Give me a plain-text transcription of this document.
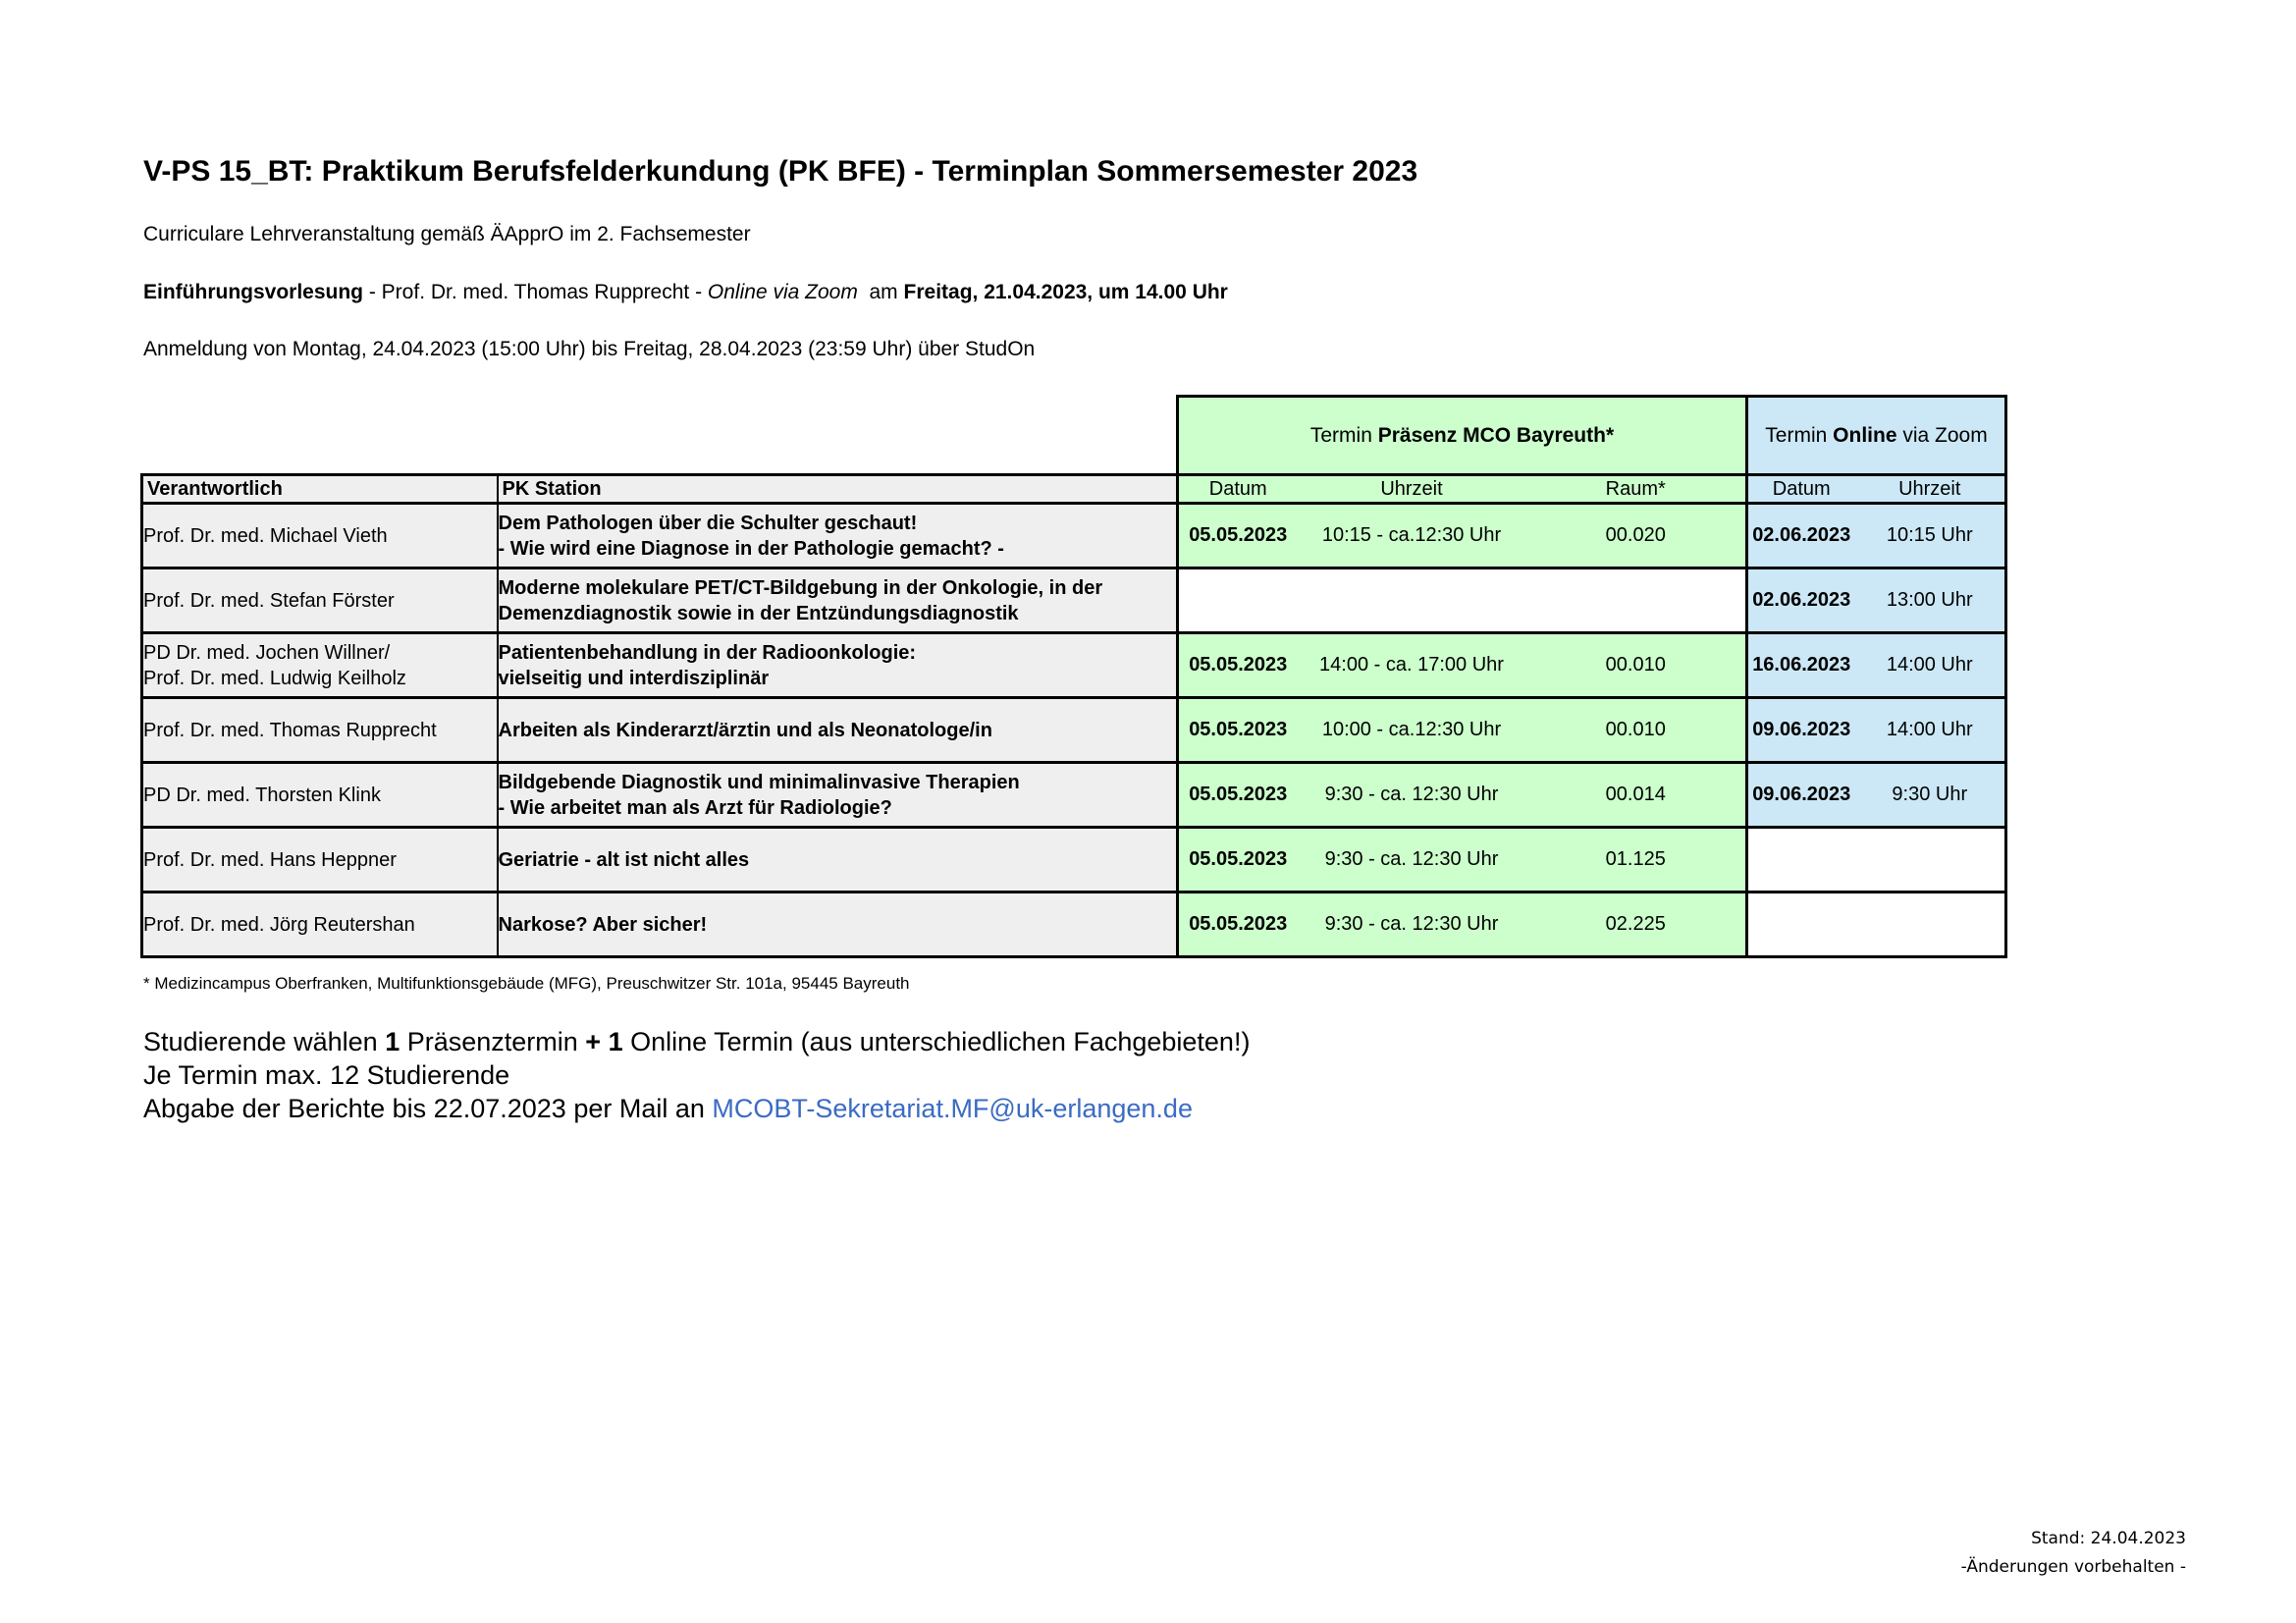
V-PS 15_BT: Praktikum Berufsfelderkundung (PK BFE) - Terminplan Sommersemester 2023
Curriculare Lehrveranstaltung gemäß ÄApprO im 2. Fachsemester
Einführungsvorlesung - Prof. Dr. med. Thomas Rupprecht - Online via Zoom  am Freitag, 21.04.2023, um 14.00 Uhr
Anmeldung von Montag, 24.04.2023 (15:00 Uhr) bis Freitag, 28.04.2023 (23:59 Uhr) über StudOn
		Termin Präsenz MCO Bayreuth*			Termin Online via Zoom	
Verantwortlich	PK Station	Datum	Uhrzeit	Raum*	Datum	Uhrzeit
Prof. Dr. med. Michael Vieth	Dem Pathologen über die Schulter geschaut!
- Wie wird eine Diagnose in der Pathologie gemacht? -	05.05.2023	10:15 - ca.12:30 Uhr	00.020	02.06.2023	10:15 Uhr
Prof. Dr. med. Stefan Förster	Moderne molekulare PET/CT-Bildgebung in der Onkologie, in der
Demenzdiagnostik sowie in der Entzündungsdiagnostik				02.06.2023	13:00 Uhr
PD Dr. med. Jochen Willner/
Prof. Dr. med. Ludwig Keilholz	Patientenbehandlung in der Radioonkologie:
vielseitig und interdisziplinär	05.05.2023	14:00 - ca. 17:00 Uhr	00.010	16.06.2023	14:00 Uhr
Prof. Dr. med. Thomas Rupprecht	Arbeiten als Kinderarzt/ärztin und als Neonatologe/in	05.05.2023	10:00 - ca.12:30 Uhr	00.010	09.06.2023	14:00 Uhr
PD Dr. med. Thorsten Klink	Bildgebende Diagnostik und minimalinvasive Therapien
- Wie arbeitet man als Arzt für Radiologie?	05.05.2023	9:30 - ca. 12:30 Uhr	00.014	09.06.2023	9:30 Uhr
Prof. Dr. med. Hans Heppner	Geriatrie - alt ist nicht alles	05.05.2023	9:30 - ca. 12:30 Uhr	01.125		
Prof. Dr. med. Jörg Reutershan	Narkose? Aber sicher!	05.05.2023	9:30 - ca. 12:30 Uhr	02.225		
* Medizincampus Oberfranken, Multifunktionsgebäude (MFG), Preuschwitzer Str. 101a, 95445 Bayreuth
Studierende wählen 1 Präsenztermin + 1 Online Termin (aus unterschiedlichen Fachgebieten!)
Je Termin max. 12 Studierende
Abgabe der Berichte bis 22.07.2023 per Mail an MCOBT-Sekretariat.MF@uk-erlangen.de
Stand: 24.04.2023
-Änderungen vorbehalten -
